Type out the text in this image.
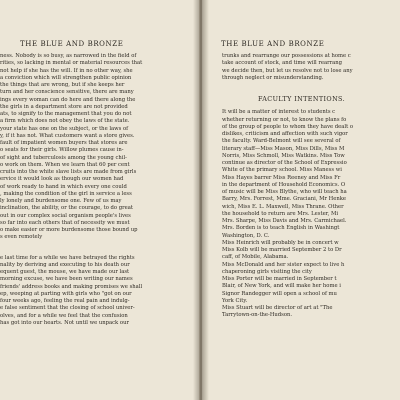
THE BLUE AND BRONZE
ness. Nobody is so busy, as narrowed in the field of
rities, so lacking in mental or material resources that
not help if she has the will. If in no other way, she
a conviction which will strengthen public opinion
the things that are wrong, but if she keeps her
turn and her conscience sensitive, there are many
ings every woman can do here and there along the
the girls in a department store are not provided
ats, to signify to the management that you do not
a firm which does not obey the laws of the state.
your state has one on the subject, or the laws of
y, if it has not. What customers want a store gives.
fault of impatient women buyers that stores are
o seats for their girls. Willow plumes cause in-
of sight and tuberculosis among the young chil-
o work on them. When we learn that 60 per cent
cruits into the white slave lists are made from girls
ervice it would look as though our women had
of work ready to hand in which every one could
, making the condition of the girl in service a less
ly lonely and burdensome one. Few of us may
inclination, the ability, or the courage, to do great
out in our complex social organism people's lives
so far into each others that of necessity we must
o make easier or more burdensome those bound up
s even remotely
e last time for a while we have betrayed the rights
nality by deriving and executing to his death our
equent guest, the mouse, we have made our last
morning excuse, we have been writing our names
friends' address books and making promises we shall
ep, weeping at parting with girls who "got on our
four weeks ago, feeling the real pain and indulg-
e false sentiment that the closing of school univer-
olves, and for a while we feel that the confusion
has got into our hearts. Not until we unpack our
THE BLUE AND BRONZE
trunks and rearrange our possessions at home c
take account of stock, and time will rearrang
we decide then, but let us resolve not to lose any
through neglect or misunderstanding.
FACULTY INTENTIONS.
It will be a matter of interest to students c
whether returning or not, to know the plans fo
of the group of people to whom they have dealt o
dislikes, criticism and affection with such vigor
the faculty. Ward-Belmont will see several of
literary staff—Miss Mason, Miss Dills, Miss M
Norris, Miss Schmoll, Miss Watkins. Miss Tow
continue as director of the School of Expressio
White of the primary school. Miss Maness wi
Miss Hayes barrer Miss Reeney and Miss Fr
in the department of Household Economics. O
of music will be Miss Blythe, who will teach ha
Barry, Mrs. Forrest, Mme. Graciani, Mr Henke
wich, Miss E. L. Maxwell, Miss Thrane. Other
the household to return are Mrs. Lester, Mi
Mrs. Sharpe, Miss Davis and Mrs. Carmichael.
Mrs. Borden is to teach English in Washingt
Washington, D. C.
Miss Heinrich will probably be in concert w
Miss Kolb will be married September 2 to Dr
caff, of Mobile, Alabama.
Miss McDonald and her sister expect to live h
chaperoning girls visiting the city
Miss Porter will be married in September t
Blair, of New York, and will make her home i
Signor Randegger will open a school of mu
York City.
Miss Stuart will be director of art at "The
Tarrytown-on-the-Hudson.
